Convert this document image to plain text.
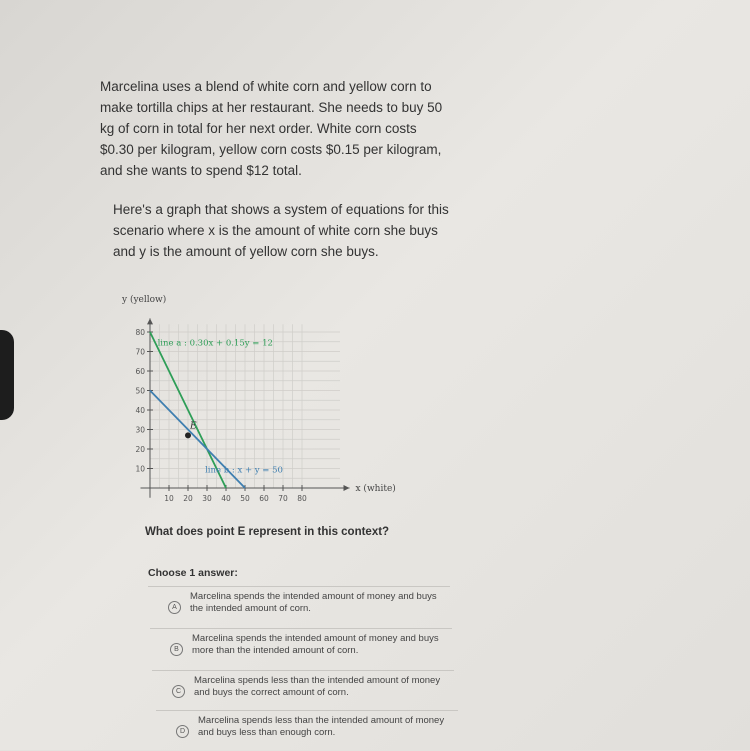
Marcelina uses a blend of white corn and yellow corn to make tortilla chips at her restaurant. She needs to buy 50 kg of corn in total for her next order. White corn costs $0.30 per kilogram, yellow corn costs $0.15 per kilogram, and she wants to spend $12 total.

Here's a graph that shows a system of equations for this scenario where x is the amount of white corn she buys and y is the amount of yellow corn she buys.

10 20 30 40 50 60 70 80
10
20
30
40
50
60
70
80
y (yellow)
x (white)
line a : 0.30x + 0.15y = 12
line b : x + y = 50
E
What does point E represent in this context?
Choose 1 answer:
A
Marcelina spends the intended amount of money and buys the intended amount of corn.
B
Marcelina spends the intended amount of money and buys more than the intended amount of corn.
C
Marcelina spends less than the intended amount of money and buys the correct amount of corn.
D
Marcelina spends less than the intended amount of money and buys less than enough corn.
